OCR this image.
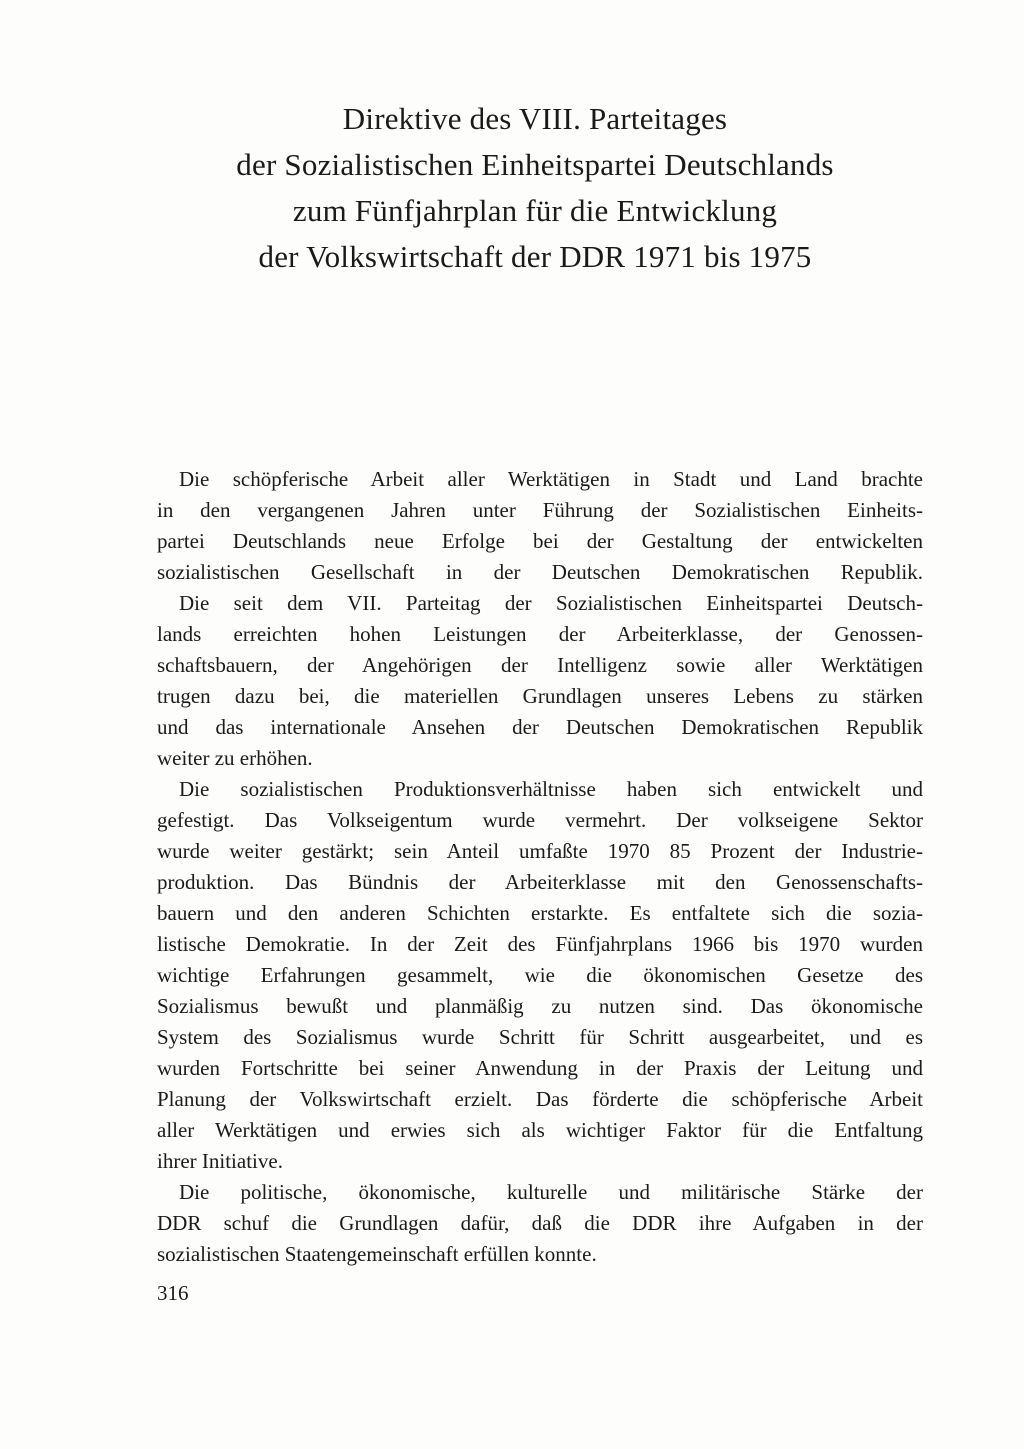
Direktive des VIII. Parteitages
der Sozialistischen Einheitspartei Deutschlands
zum Fünfjahrplan für die Entwicklung
der Volkswirtschaft der DDR 1971 bis 1975

Die schöpferische Arbeit aller Werktätigen in Stadt und Land brachte
in den vergangenen Jahren unter Führung der Sozialistischen Einheits-
partei Deutschlands neue Erfolge bei der Gestaltung der entwickelten
sozialistischen Gesellschaft in der Deutschen Demokratischen Republik.

Die seit dem VII. Parteitag der Sozialistischen Einheitspartei Deutsch-
lands erreichten hohen Leistungen der Arbeiterklasse, der Genossen-
schaftsbauern, der Angehörigen der Intelligenz sowie aller Werktätigen
trugen dazu bei, die materiellen Grundlagen unseres Lebens zu stärken
und das internationale Ansehen der Deutschen Demokratischen Republik
weiter zu erhöhen.

Die sozialistischen Produktionsverhältnisse haben sich entwickelt und
gefestigt. Das Volkseigentum wurde vermehrt. Der volkseigene Sektor
wurde weiter gestärkt; sein Anteil umfaßte 1970 85 Prozent der Industrie-
produktion. Das Bündnis der Arbeiterklasse mit den Genossenschafts-
bauern und den anderen Schichten erstarkte. Es entfaltete sich die sozia-
listische Demokratie. In der Zeit des Fünfjahrplans 1966 bis 1970 wurden
wichtige Erfahrungen gesammelt, wie die ökonomischen Gesetze des
Sozialismus bewußt und planmäßig zu nutzen sind. Das ökonomische
System des Sozialismus wurde Schritt für Schritt ausgearbeitet, und es
wurden Fortschritte bei seiner Anwendung in der Praxis der Leitung und
Planung der Volkswirtschaft erzielt. Das förderte die schöpferische Arbeit
aller Werktätigen und erwies sich als wichtiger Faktor für die Entfaltung
ihrer Initiative.

Die politische, ökonomische, kulturelle und militärische Stärke der
DDR schuf die Grundlagen dafür, daß die DDR ihre Aufgaben in der
sozialistischen Staatengemeinschaft erfüllen konnte.

316
